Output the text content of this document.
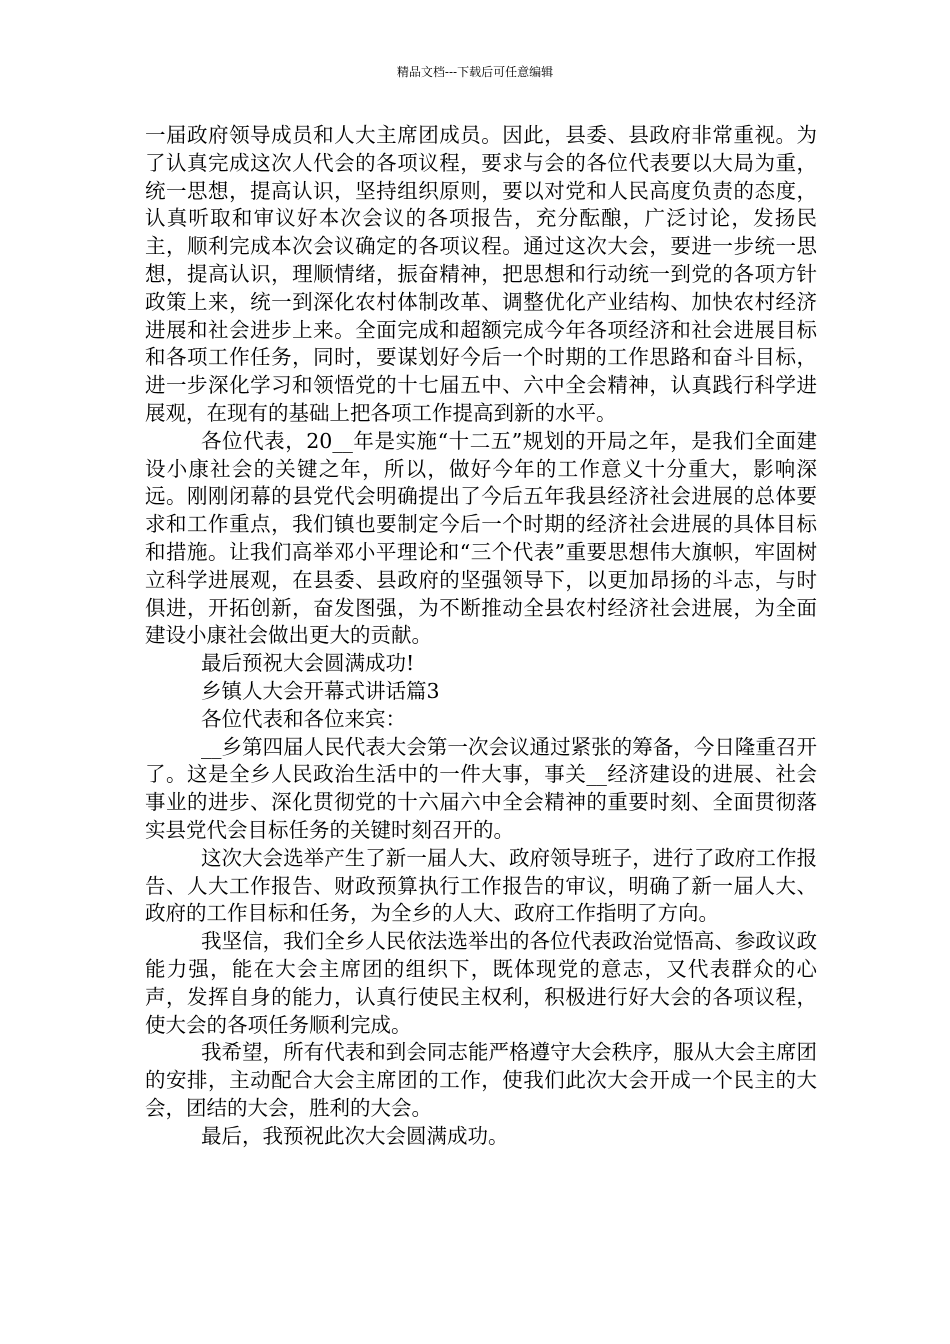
精品文档---下载后可任意编辑

一届政府领导成员和人大主席团成员。因此，县委、县政府非常重视。为了认真完成这次人代会的各项议程，要求与会的各位代表要以大局为重，统一思想，提高认识，坚持组织原则，要以对党和人民高度负责的态度，认真听取和审议好本次会议的各项报告，充分酝酿，广泛讨论，发扬民主，顺利完成本次会议确定的各项议程。通过这次大会，要进一步统一思想，提高认识，理顺情绪，振奋精神，把思想和行动统一到党的各项方针政策上来，统一到深化农村体制改革、调整优化产业结构、加快农村经济进展和社会进步上来。全面完成和超额完成今年各项经济和社会进展目标和各项工作任务，同时，要谋划好今后一个时期的工作思路和奋斗目标，进一步深化学习和领悟党的十七届五中、六中全会精神，认真践行科学进展观，在现有的基础上把各项工作提高到新的水平。

各位代表，20__年是实施“十二五”规划的开局之年，是我们全面建设小康社会的关键之年，所以，做好今年的工作意义十分重大，影响深远。刚刚闭幕的县党代会明确提出了今后五年我县经济社会进展的总体要求和工作重点，我们镇也要制定今后一个时期的经济社会进展的具体目标和措施。让我们高举邓小平理论和“三个代表”重要思想伟大旗帜，牢固树立科学进展观，在县委、县政府的坚强领导下，以更加昂扬的斗志，与时俱进，开拓创新，奋发图强，为不断推动全县农村经济社会进展，为全面建设小康社会做出更大的贡献。

最后预祝大会圆满成功!

乡镇人大会开幕式讲话篇3

各位代表和各位来宾：

__乡第四届人民代表大会第一次会议通过紧张的筹备，今日隆重召开了。这是全乡人民政治生活中的一件大事，事关__经济建设的进展、社会事业的进步、深化贯彻党的十六届六中全会精神的重要时刻、全面贯彻落实县党代会目标任务的关键时刻召开的。

这次大会选举产生了新一届人大、政府领导班子，进行了政府工作报告、人大工作报告、财政预算执行工作报告的审议，明确了新一届人大、政府的工作目标和任务，为全乡的人大、政府工作指明了方向。

我坚信，我们全乡人民依法选举出的各位代表政治觉悟高、参政议政能力强，能在大会主席团的组织下，既体现党的意志，又代表群众的心声，发挥自身的能力，认真行使民主权利，积极进行好大会的各项议程，使大会的各项任务顺利完成。

我希望，所有代表和到会同志能严格遵守大会秩序，服从大会主席团的安排，主动配合大会主席团的工作，使我们此次大会开成一个民主的大会，团结的大会，胜利的大会。

最后，我预祝此次大会圆满成功。
